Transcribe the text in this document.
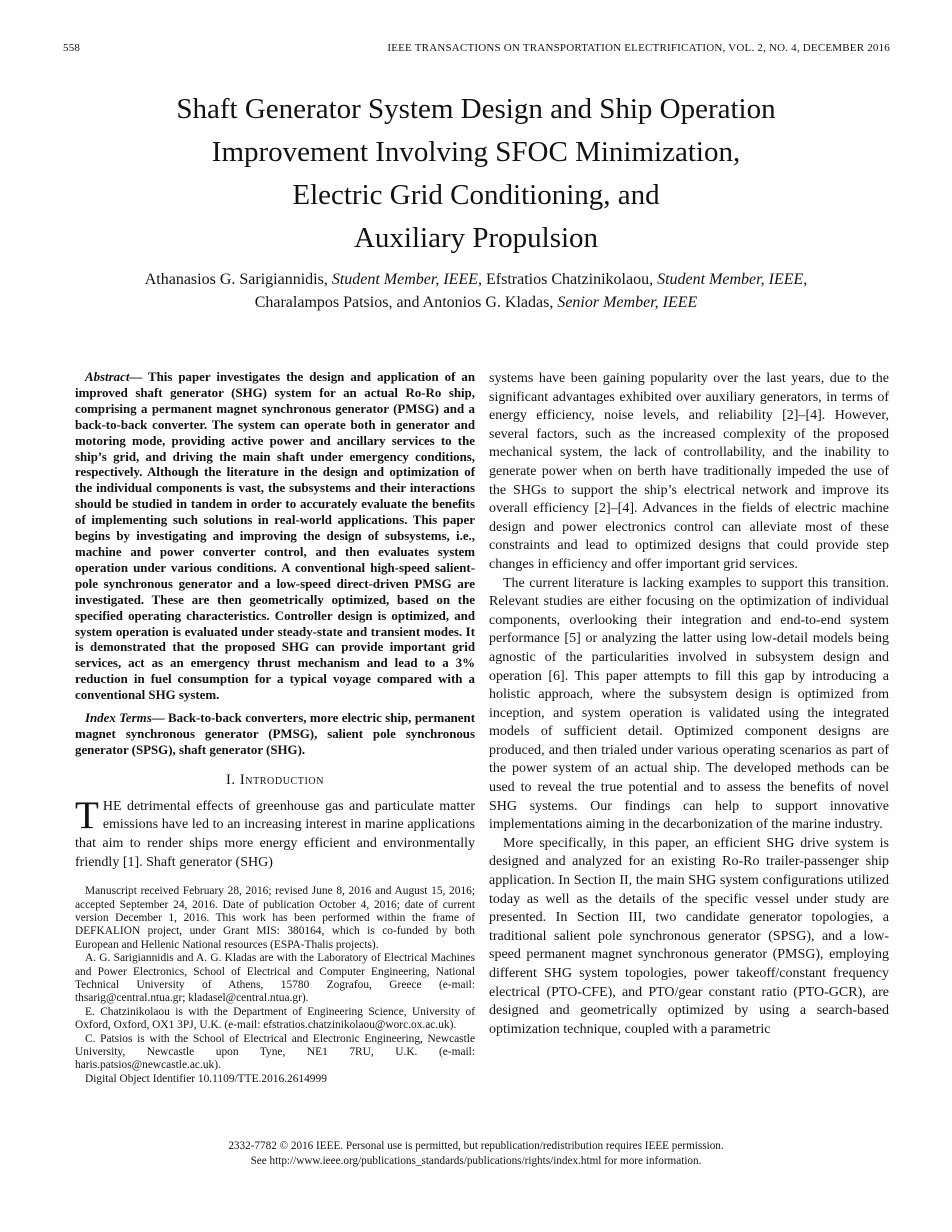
558	IEEE TRANSACTIONS ON TRANSPORTATION ELECTRIFICATION, VOL. 2, NO. 4, DECEMBER 2016
Shaft Generator System Design and Ship Operation
Improvement Involving SFOC Minimization,
Electric Grid Conditioning, and
Auxiliary Propulsion
Athanasios G. Sarigiannidis, Student Member, IEEE, Efstratios Chatzinikolaou, Student Member, IEEE,
Charalampos Patsios, and Antonios G. Kladas, Senior Member, IEEE

Abstract— This paper investigates the design and application of an improved shaft generator (SHG) system for an actual Ro-Ro ship, comprising a permanent magnet synchronous generator (PMSG) and a back-to-back converter. The system can operate both in generator and motoring mode, providing active power and ancillary services to the ship’s grid, and driving the main shaft under emergency conditions, respectively. Although the literature in the design and optimization of the individual components is vast, the subsystems and their interactions should be studied in tandem in order to accurately evaluate the benefits of implementing such solutions in real-world applications. This paper begins by investigating and improving the design of subsystems, i.e., machine and power converter control, and then evaluates system operation under various conditions. A conventional high-speed salient-pole synchronous generator and a low-speed direct-driven PMSG are investigated. These are then geometrically optimized, based on the specified operating characteristics. Controller design is optimized, and system operation is evaluated under steady-state and transient modes. It is demonstrated that the proposed SHG can provide important grid services, act as an emergency thrust mechanism and lead to a 3% reduction in fuel consumption for a typical voyage compared with a conventional SHG system.

Index Terms— Back-to-back converters, more electric ship, permanent magnet synchronous generator (PMSG), salient pole synchronous generator (SPSG), shaft generator (SHG).

I. Introduction

THE detrimental effects of greenhouse gas and particulate matter emissions have led to an increasing interest in marine applications that aim to render ships more energy efficient and environmentally friendly [1]. Shaft generator (SHG)

Manuscript received February 28, 2016; revised June 8, 2016 and August 15, 2016; accepted September 24, 2016. Date of publication October 4, 2016; date of current version December 1, 2016. This work has been performed within the frame of DEFKALION project, under Grant MIS: 380164, which is co-funded by both European and Hellenic National resources (ESPA-Thalis projects).

A. G. Sarigiannidis and A. G. Kladas are with the Laboratory of Electrical Machines and Power Electronics, School of Electrical and Computer Engineering, National Technical University of Athens, 15780 Zografou, Greece (e-mail: thsarig@central.ntua.gr; kladasel@central.ntua.gr).

E. Chatzinikolaou is with the Department of Engineering Science, University of Oxford, Oxford, OX1 3PJ, U.K. (e-mail: efstratios.chatzinikolaou@worc.ox.ac.uk).

C. Patsios is with the School of Electrical and Electronic Engineering, Newcastle University, Newcastle upon Tyne, NE1 7RU, U.K. (e-mail: haris.patsios@newcastle.ac.uk).

Digital Object Identifier 10.1109/TTE.2016.2614999

systems have been gaining popularity over the last years, due to the significant advantages exhibited over auxiliary generators, in terms of energy efficiency, noise levels, and reliability [2]–[4]. However, several factors, such as the increased complexity of the proposed mechanical system, the lack of controllability, and the inability to generate power when on berth have traditionally impeded the use of the SHGs to support the ship’s electrical network and improve its overall efficiency [2]–[4]. Advances in the fields of electric machine design and power electronics control can alleviate most of these constraints and lead to optimized designs that could provide step changes in efficiency and offer important grid services.

The current literature is lacking examples to support this transition. Relevant studies are either focusing on the optimization of individual components, overlooking their integration and end-to-end system performance [5] or analyzing the latter using low-detail models being agnostic of the particularities involved in subsystem design and operation [6]. This paper attempts to fill this gap by introducing a holistic approach, where the subsystem design is optimized from inception, and system operation is validated using the integrated models of sufficient detail. Optimized component designs are produced, and then trialed under various operating scenarios as part of the power system of an actual ship. The developed methods can be used to reveal the true potential and to assess the benefits of novel SHG systems. Our findings can help to support innovative implementations aiming in the decarbonization of the marine industry.

More specifically, in this paper, an efficient SHG drive system is designed and analyzed for an existing Ro-Ro trailer-passenger ship application. In Section II, the main SHG system configurations utilized today as well as the details of the specific vessel under study are presented. In Section III, two candidate generator topologies, a traditional salient pole synchronous generator (SPSG), and a low-speed permanent magnet synchronous generator (PMSG), employing different SHG system topologies, power takeoff/constant frequency electrical (PTO-CFE), and PTO/gear constant ratio (PTO-GCR), are designed and geometrically optimized by using a search-based optimization technique, coupled with a parametric

2332-7782 © 2016 IEEE. Personal use is permitted, but republication/redistribution requires IEEE permission.
See http://www.ieee.org/publications_standards/publications/rights/index.html for more information.
